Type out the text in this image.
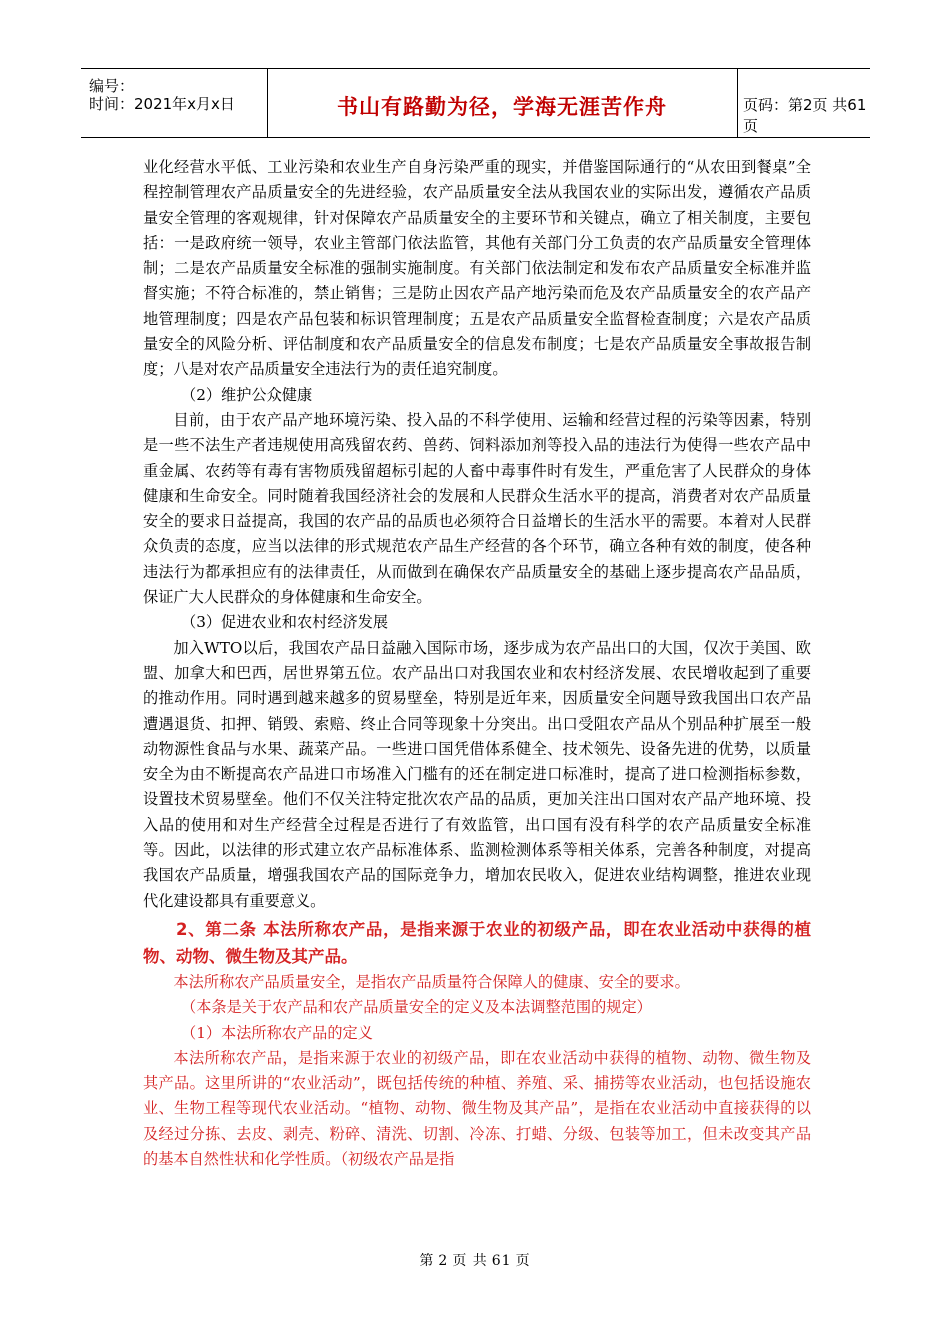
编号：
时间：2021年x月x日	书山有路勤为径，学海无涯苦作舟	页码：第2页 共61页

业化经营水平低、工业污染和农业生产自身污染严重的现实，并借鉴国际通行的“从农田到餐桌”全程控制管理农产品质量安全的先进经验，农产品质量安全法从我国农业的实际出发，遵循农产品质量安全管理的客观规律，针对保障农产品质量安全的主要环节和关键点，确立了相关制度，主要包括：一是政府统一领导，农业主管部门依法监管，其他有关部门分工负责的农产品质量安全管理体制；二是农产品质量安全标准的强制实施制度。有关部门依法制定和发布农产品质量安全标准并监督实施；不符合标准的，禁止销售；三是防止因农产品产地污染而危及农产品质量安全的农产品产地管理制度；四是农产品包装和标识管理制度；五是农产品质量安全监督检查制度；六是农产品质量安全的风险分析、评估制度和农产品质量安全的信息发布制度；七是农产品质量安全事故报告制度；八是对农产品质量安全违法行为的责任追究制度。

（2）维护公众健康

目前，由于农产品产地环境污染、投入品的不科学使用、运输和经营过程的污染等因素，特别是一些不法生产者违规使用高残留农药、兽药、饲料添加剂等投入品的违法行为使得一些农产品中重金属、农药等有毒有害物质残留超标引起的人畜中毒事件时有发生，严重危害了人民群众的身体健康和生命安全。同时随着我国经济社会的发展和人民群众生活水平的提高，消费者对农产品质量安全的要求日益提高，我国的农产品的品质也必须符合日益增长的生活水平的需要。本着对人民群众负责的态度，应当以法律的形式规范农产品生产经营的各个环节，确立各种有效的制度，使各种违法行为都承担应有的法律责任，从而做到在确保农产品质量安全的基础上逐步提高农产品品质，保证广大人民群众的身体健康和生命安全。

（3）促进农业和农村经济发展

加入WTO以后，我国农产品日益融入国际市场，逐步成为农产品出口的大国，仅次于美国、欧盟、加拿大和巴西，居世界第五位。农产品出口对我国农业和农村经济发展、农民增收起到了重要的推动作用。同时遇到越来越多的贸易壁垒，特别是近年来，因质量安全问题导致我国出口农产品遭遇退货、扣押、销毁、索赔、终止合同等现象十分突出。出口受阻农产品从个别品种扩展至一般动物源性食品与水果、蔬菜产品。一些进口国凭借体系健全、技术领先、设备先进的优势，以质量安全为由不断提高农产品进口市场准入门槛有的还在制定进口标准时，提高了进口检测指标参数，设置技术贸易壁垒。他们不仅关注特定批次农产品的品质，更加关注出口国对农产品产地环境、投入品的使用和对生产经营全过程是否进行了有效监管，出口国有没有科学的农产品质量安全标准等。因此，以法律的形式建立农产品标准体系、监测检测体系等相关体系，完善各种制度，对提高我国农产品质量，增强我国农产品的国际竞争力，增加农民收入，促进农业结构调整，推进农业现代化建设都具有重要意义。

2、第二条 本法所称农产品，是指来源于农业的初级产品，即在农业活动中获得的植物、动物、微生物及其产品。

本法所称农产品质量安全，是指农产品质量符合保障人的健康、安全的要求。

（本条是关于农产品和农产品质量安全的定义及本法调整范围的规定）

（1）本法所称农产品的定义

本法所称农产品，是指来源于农业的初级产品，即在农业活动中获得的植物、动物、微生物及其产品。这里所讲的“农业活动”，既包括传统的种植、养殖、采、捕捞等农业活动，也包括设施农业、生物工程等现代农业活动。“植物、动物、微生物及其产品”，是指在农业活动中直接获得的以及经过分拣、去皮、剥壳、粉碎、清洗、切割、冷冻、打蜡、分级、包装等加工，但未改变其产品的基本自然性状和化学性质。（初级农产品是指

第 2 页 共 61 页
